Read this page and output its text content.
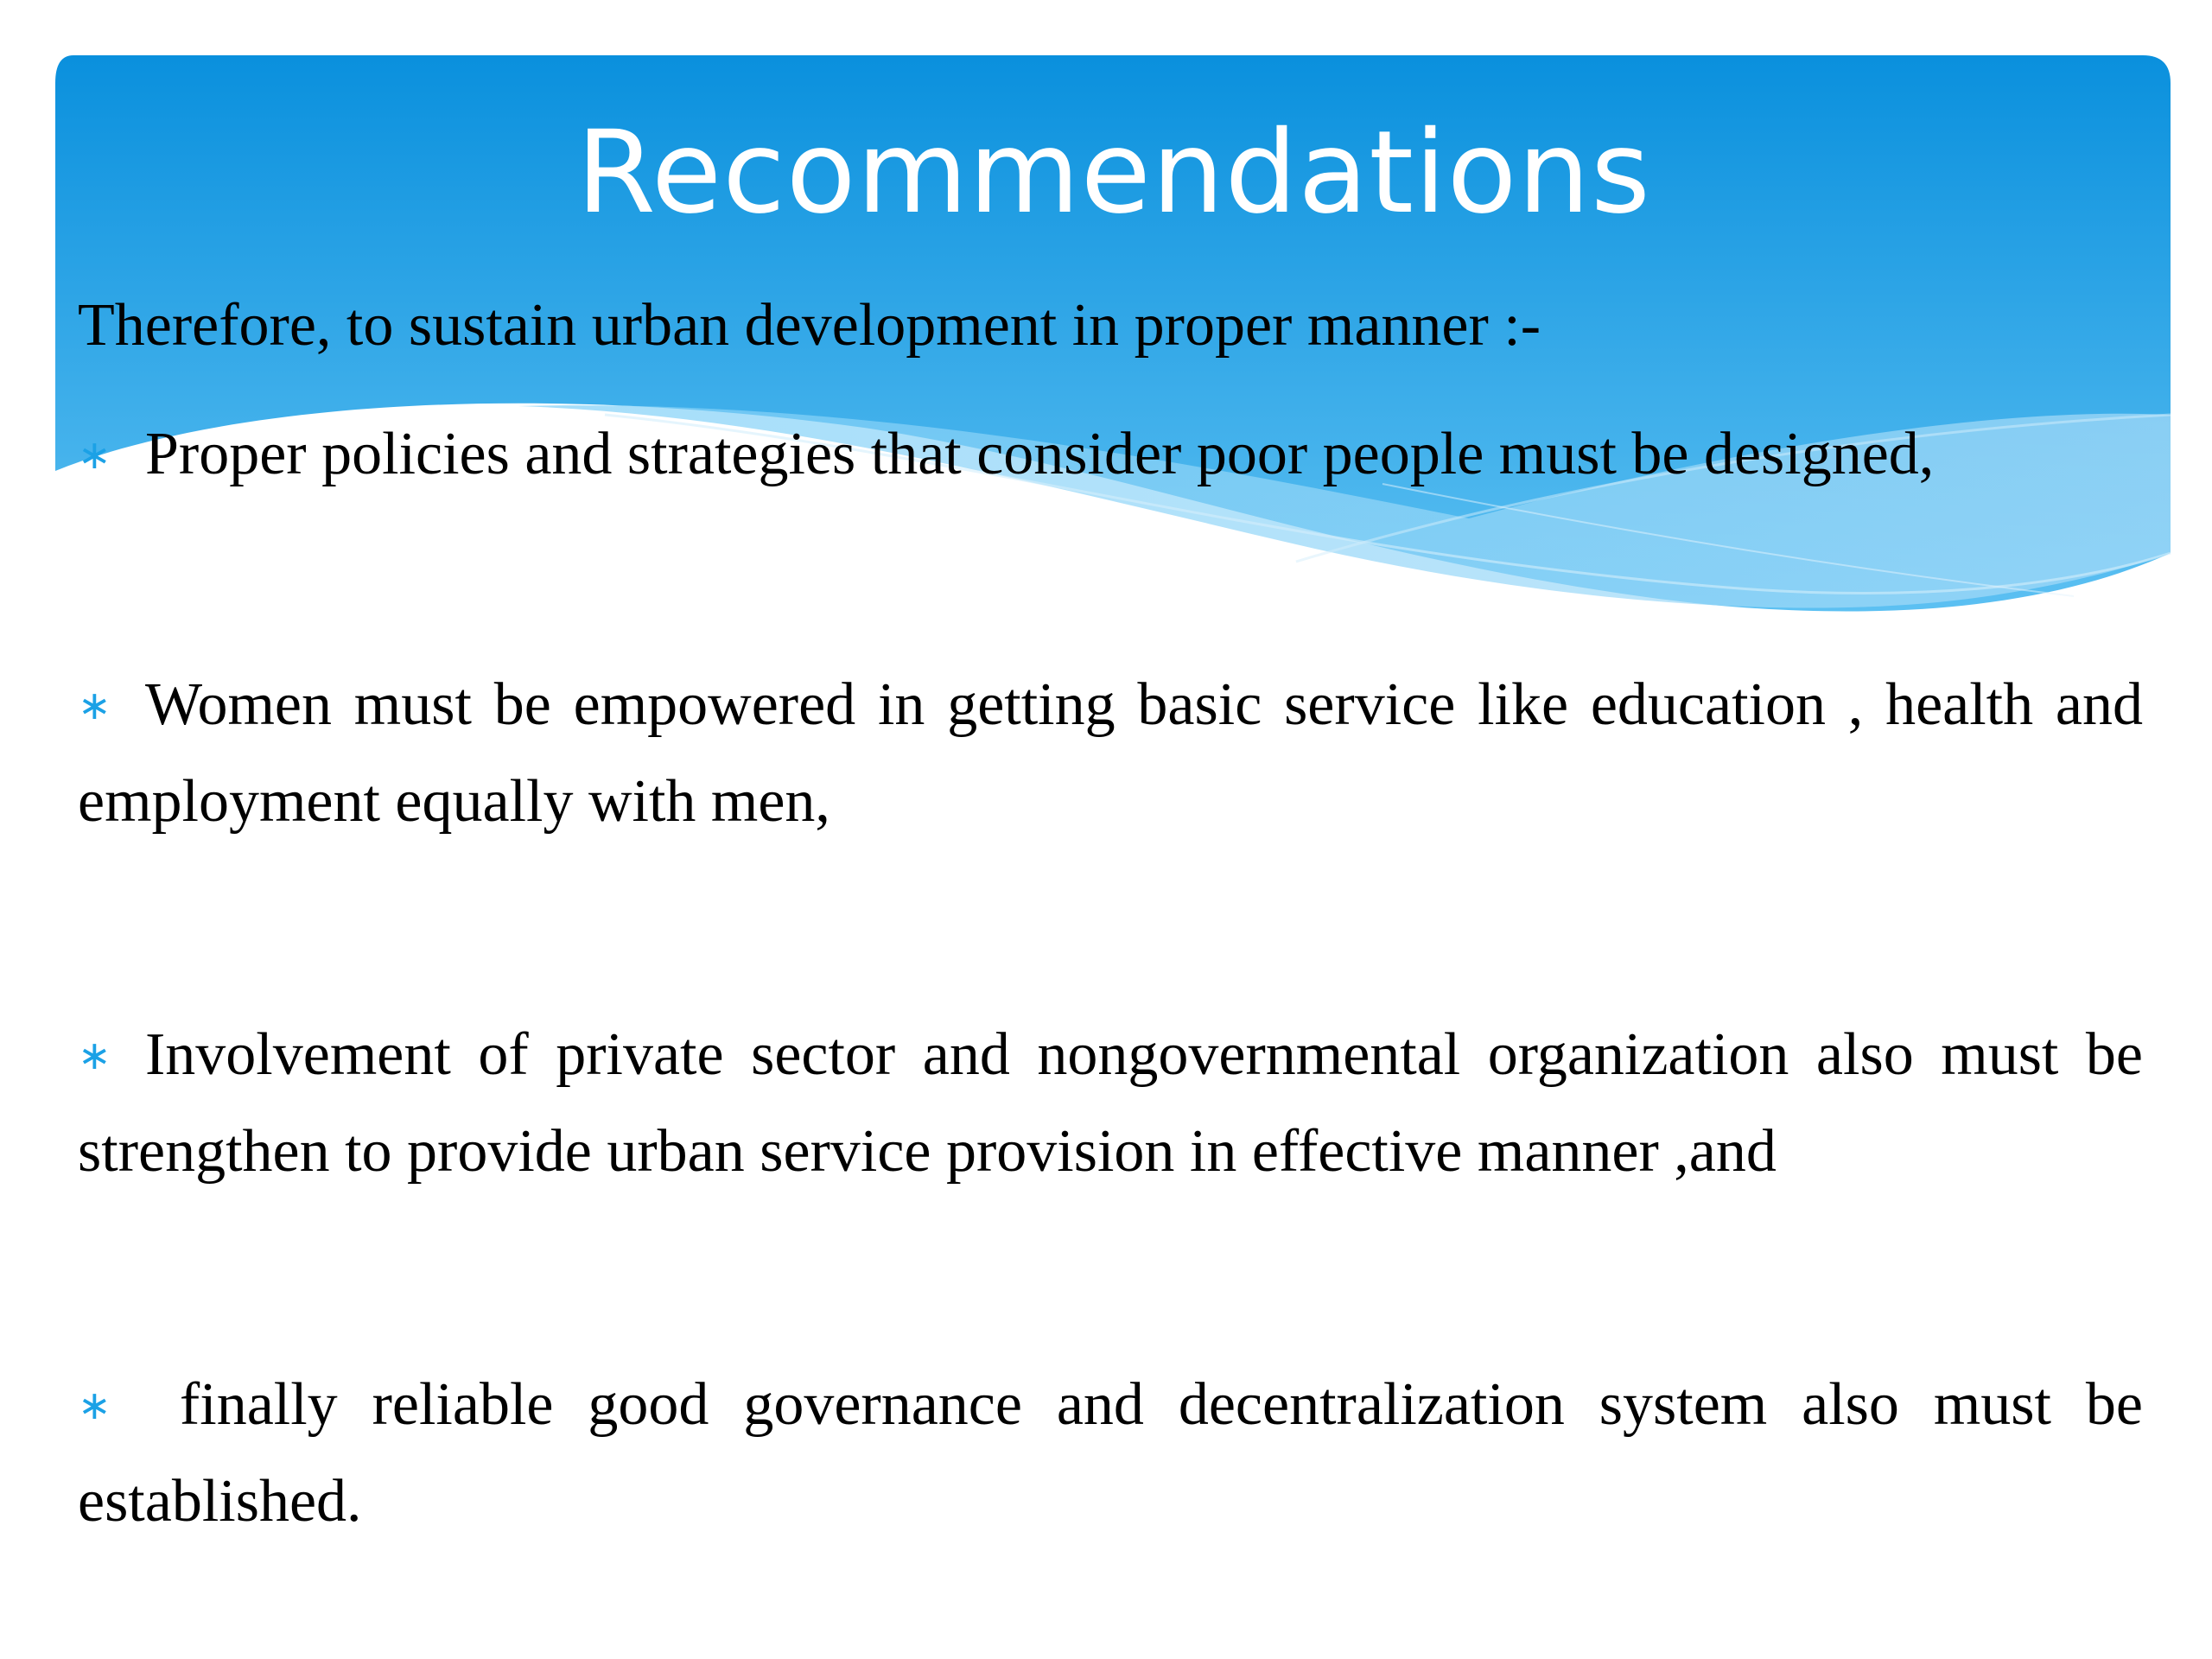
Recommendations
Therefore, to sustain urban development in proper manner :-
∗ Proper policies and strategies that consider poor people must be designed,
∗ Women must be empowered in getting basic service like education , health and employment equally with men,
∗ Involvement of private sector and nongovernmental organization also must be strengthen to provide urban service provision in effective manner ,and
∗ finally reliable good governance and decentralization system also must be established.
